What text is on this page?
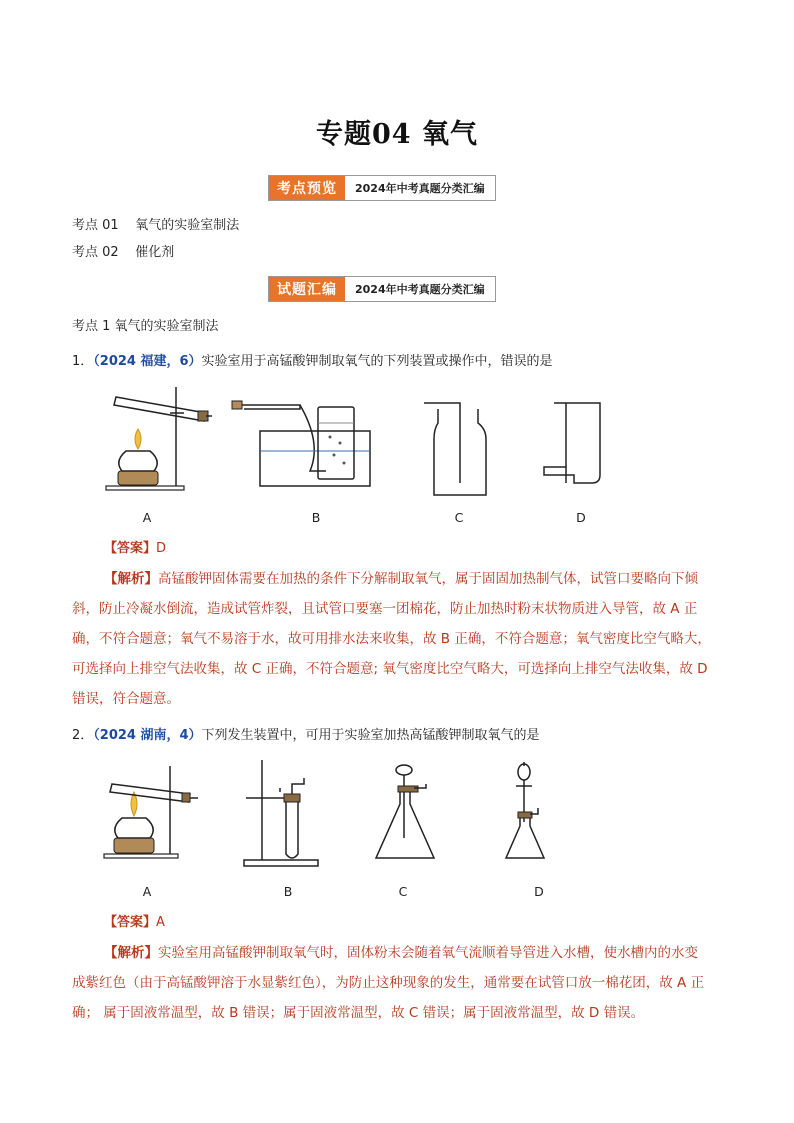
专题04 氧气
考点预览	2024年中考真题分类汇编
考点 01 氧气的实验室制法
考点 02 催化剂
试题汇编	2024年中考真题分类汇编
考点 1 氧气的实验室制法
1．（2024 福建，6）实验室用于高锰酸钾制取氧气的下列装置或操作中，错误的是
A	B	C	D
【答案】D
【解析】高锰酸钾固体需要在加热的条件下分解制取氧气，属于固固加热制气体，试管口要略向下倾
斜，防止冷凝水倒流，造成试管炸裂，且试管口要塞一团棉花，防止加热时粉末状物质进入导管，故 A 正
确，不符合题意；氧气不易溶于水，故可用排水法来收集，故 B 正确，不符合题意；氧气密度比空气略大，
可选择向上排空气法收集，故 C 正确，不符合题意; 氧气密度比空气略大，可选择向上排空气法收集，故 D
错误，符合题意。
2．（2024 湖南，4）下列发生装置中，可用于实验室加热高锰酸钾制取氧气的是
A	B	C	D
【答案】A
【解析】实验室用高锰酸钾制取氧气时，固体粉末会随着氧气流顺着导管进入水槽，使水槽内的水变
成紫红色（由于高锰酸钾溶于水显紫红色），为防止这种现象的发生，通常要在试管口放一棉花团，故 A 正
确； 属于固液常温型，故 B 错误；属于固液常温型，故 C 错误；属于固液常温型，故 D 错误。
